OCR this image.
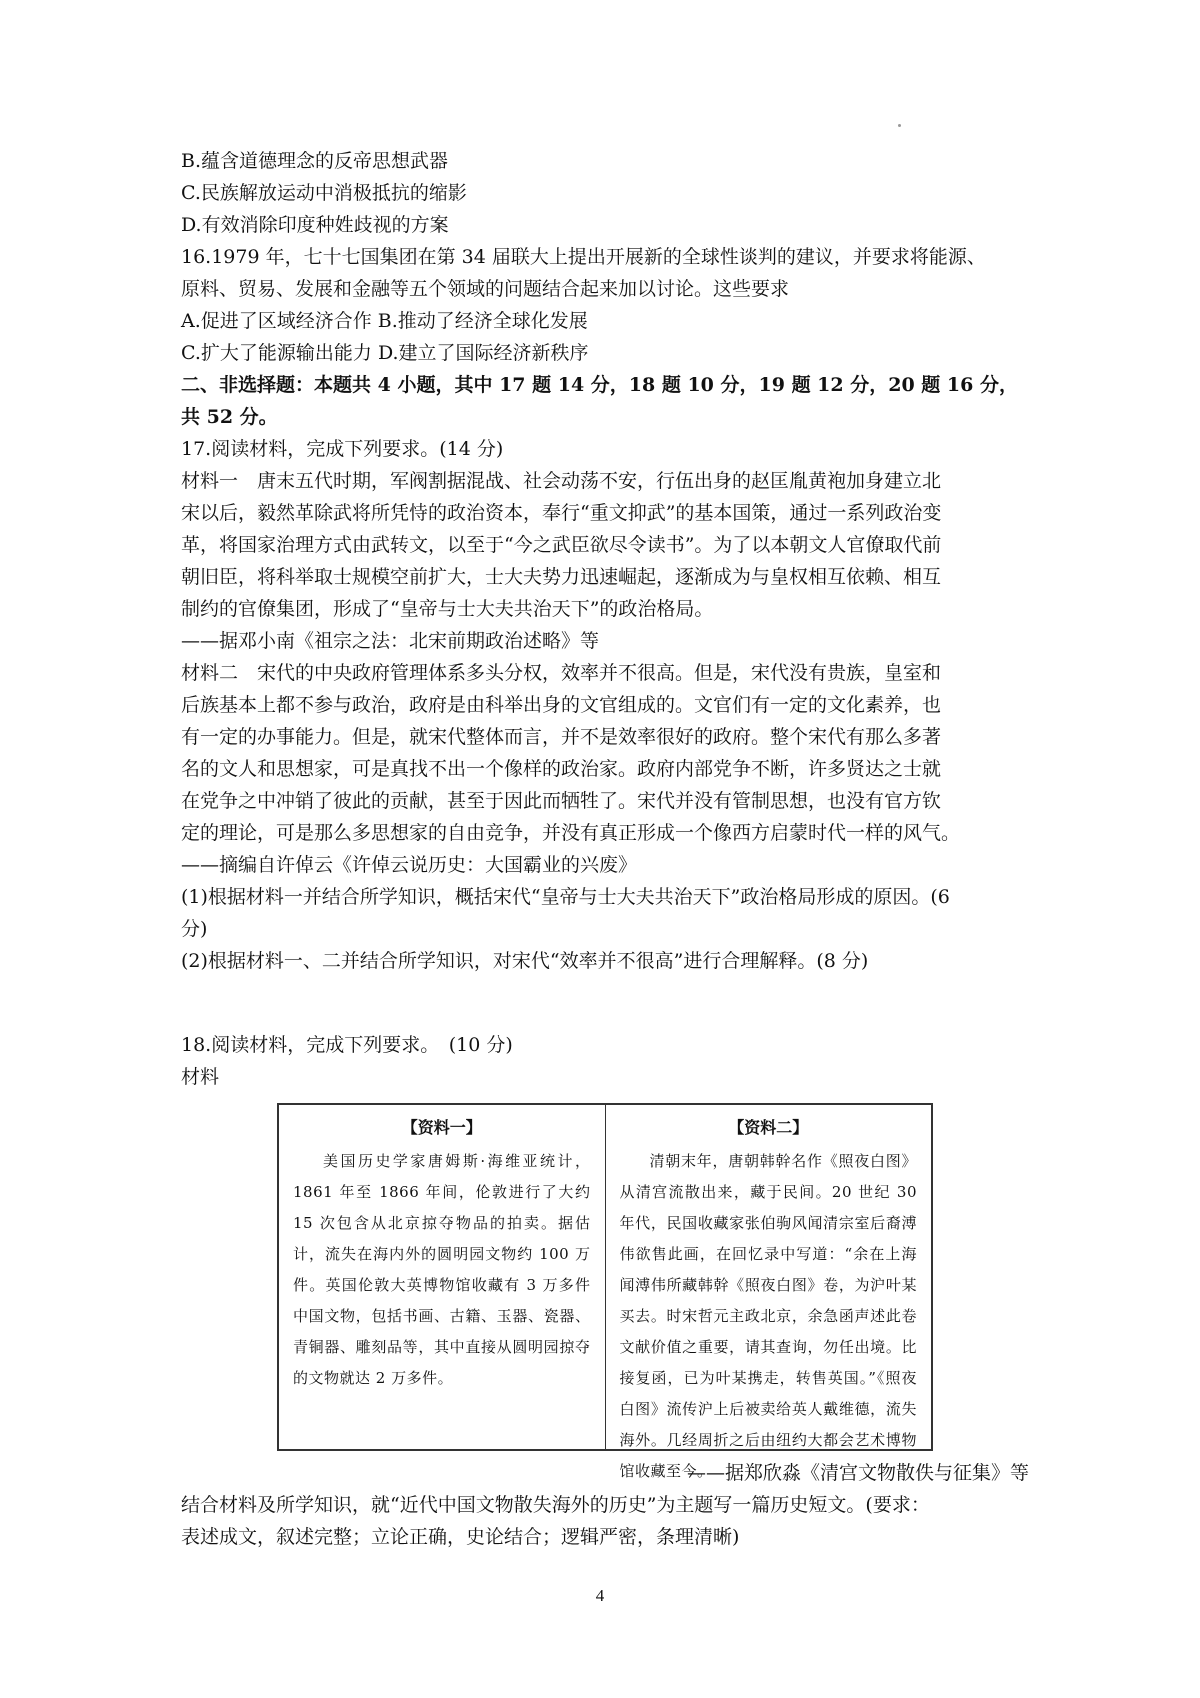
B.蕴含道德理念的反帝思想武器

C.民族解放运动中消极抵抗的缩影

D.有效消除印度种姓歧视的方案

16.1979 年，七十七国集团在第 34 届联大上提出开展新的全球性谈判的建议，并要求将能源、

原料、贸易、发展和金融等五个领域的问题结合起来加以讨论。这些要求

A.促进了区域经济合作 B.推动了经济全球化发展

C.扩大了能源输出能力 D.建立了国际经济新秩序

二、非选择题：本题共 4 小题，其中 17 题 14 分，18 题 10 分，19 题 12 分，20 题 16 分，

共 52 分。

17.阅读材料，完成下列要求。(14 分)

材料一　唐末五代时期，军阀割据混战、社会动荡不安，行伍出身的赵匡胤黄袍加身建立北

宋以后，毅然革除武将所凭恃的政治资本，奉行“重文抑武”的基本国策，通过一系列政治变

革，将国家治理方式由武转文，以至于“今之武臣欲尽令读书”。为了以本朝文人官僚取代前

朝旧臣，将科举取士规模空前扩大，士大夫势力迅速崛起，逐渐成为与皇权相互依赖、相互

制约的官僚集团，形成了“皇帝与士大夫共治天下”的政治格局。

——据邓小南《祖宗之法：北宋前期政治述略》等

材料二　宋代的中央政府管理体系多头分权，效率并不很高。但是，宋代没有贵族，皇室和

后族基本上都不参与政治，政府是由科举出身的文官组成的。文官们有一定的文化素养，也

有一定的办事能力。但是，就宋代整体而言，并不是效率很好的政府。整个宋代有那么多著

名的文人和思想家，可是真找不出一个像样的政治家。政府内部党争不断，许多贤达之士就

在党争之中冲销了彼此的贡献，甚至于因此而牺牲了。宋代并没有管制思想，也没有官方钦

定的理论，可是那么多思想家的自由竞争，并没有真正形成一个像西方启蒙时代一样的风气。

——摘编自许倬云《许倬云说历史：大国霸业的兴废》

(1)根据材料一并结合所学知识，概括宋代“皇帝与士大夫共治天下”政治格局形成的原因。(6

分)

(2)根据材料一、二并结合所学知识，对宋代“效率并不很高”进行合理解释。(8 分)

18.阅读材料，完成下列要求。　(10 分)

材料

【资料一】
美国历史学家唐姆斯·海维亚统计，1861 年至 1866 年间，伦敦进行了大约 15 次包含从北京掠夺物品的拍卖。据估计，流失在海内外的圆明园文物约 100 万件。英国伦敦大英博物馆收藏有 3 万多件中国文物，包括书画、古籍、玉器、瓷器、青铜器、雕刻品等，其中直接从圆明园掠夺的文物就达 2 万多件。
【资料二】
清朝末年，唐朝韩幹名作《照夜白图》从清宫流散出来，藏于民间。20 世纪 30 年代，民国收藏家张伯驹风闻清宗室后裔溥伟欲售此画，在回忆录中写道：“余在上海闻溥伟所藏韩幹《照夜白图》卷，为沪叶某买去。时宋哲元主政北京，余急函声述此卷文献价值之重要，请其查询，勿任出境。比接复函，已为叶某携走，转售英国。”《照夜白图》流传沪上后被卖给英人戴维德，流失海外。几经周折之后由纽约大都会艺术博物馆收藏至今。
——据郑欣淼《清宫文物散佚与征集》等

结合材料及所学知识，就“近代中国文物散失海外的历史”为主题写一篇历史短文。(要求：

表述成文，叙述完整；立论正确，史论结合；逻辑严密，条理清晰)

4
